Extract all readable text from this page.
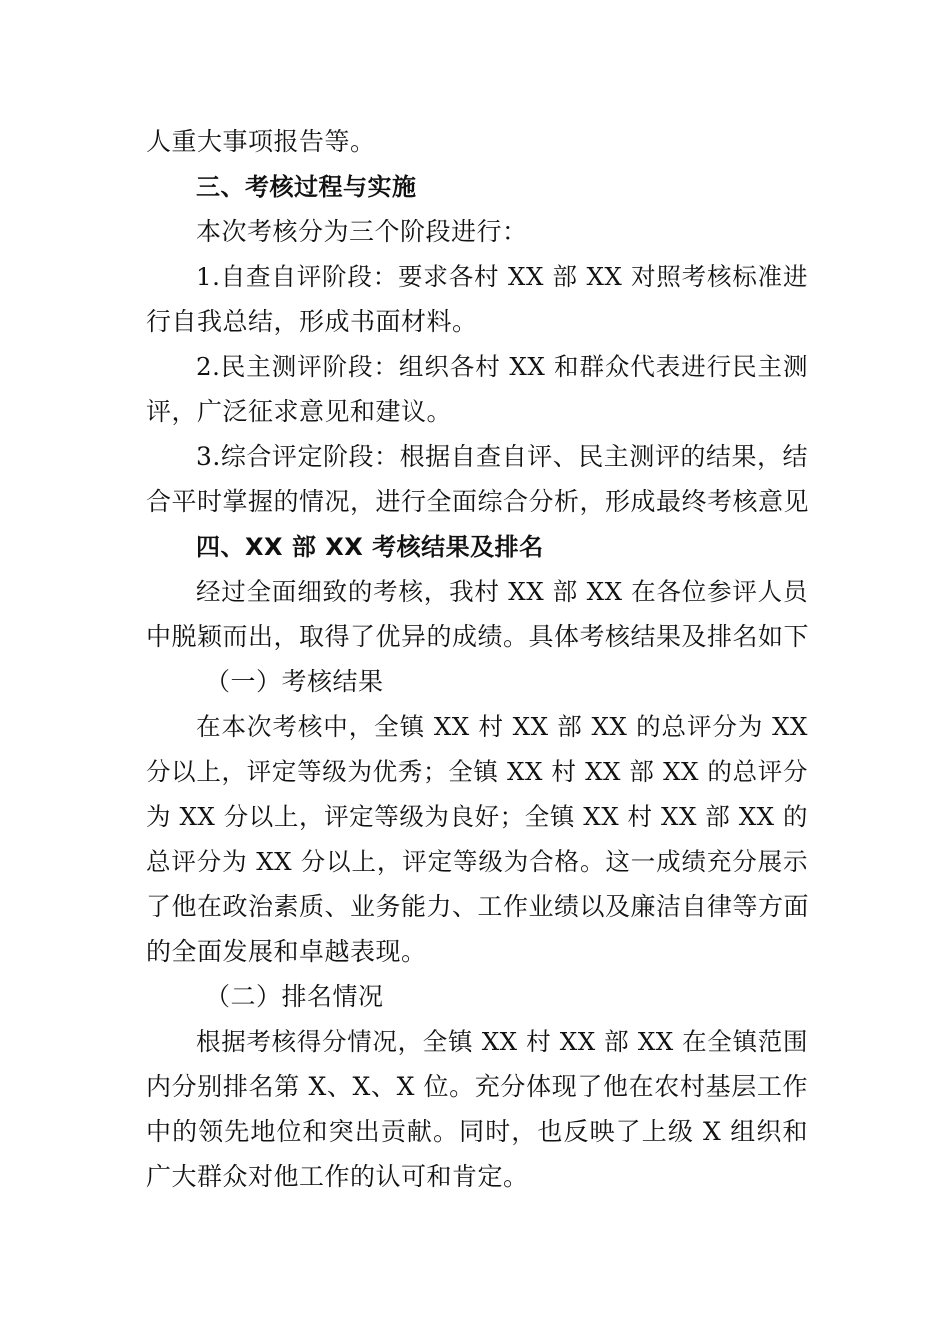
人重大事项报告等。

三、考核过程与实施

本次考核分为三个阶段进行：

1.自查自评阶段：要求各村 XX 部 XX 对照考核标准进

行自我总结，形成书面材料。

2.民主测评阶段：组织各村 XX 和群众代表进行民主测

评，广泛征求意见和建议。

3.综合评定阶段：根据自查自评、民主测评的结果，结

合平时掌握的情况，进行全面综合分析，形成最终考核意见

四、XX 部 XX 考核结果及排名

经过全面细致的考核，我村 XX 部 XX 在各位参评人员

中脱颖而出，取得了优异的成绩。具体考核结果及排名如下

（一）考核结果

在本次考核中，全镇 XX 村 XX 部 XX 的总评分为 XX

分以上，评定等级为优秀；全镇 XX 村 XX 部 XX 的总评分

为 XX 分以上，评定等级为良好；全镇 XX 村 XX 部 XX 的

总评分为 XX 分以上，评定等级为合格。这一成绩充分展示

了他在政治素质、业务能力、工作业绩以及廉洁自律等方面

的全面发展和卓越表现。

（二）排名情况

根据考核得分情况，全镇 XX 村 XX 部 XX 在全镇范围

内分别排名第 X、X、X 位。充分体现了他在农村基层工作

中的领先地位和突出贡献。同时，也反映了上级 X 组织和

广大群众对他工作的认可和肯定。
